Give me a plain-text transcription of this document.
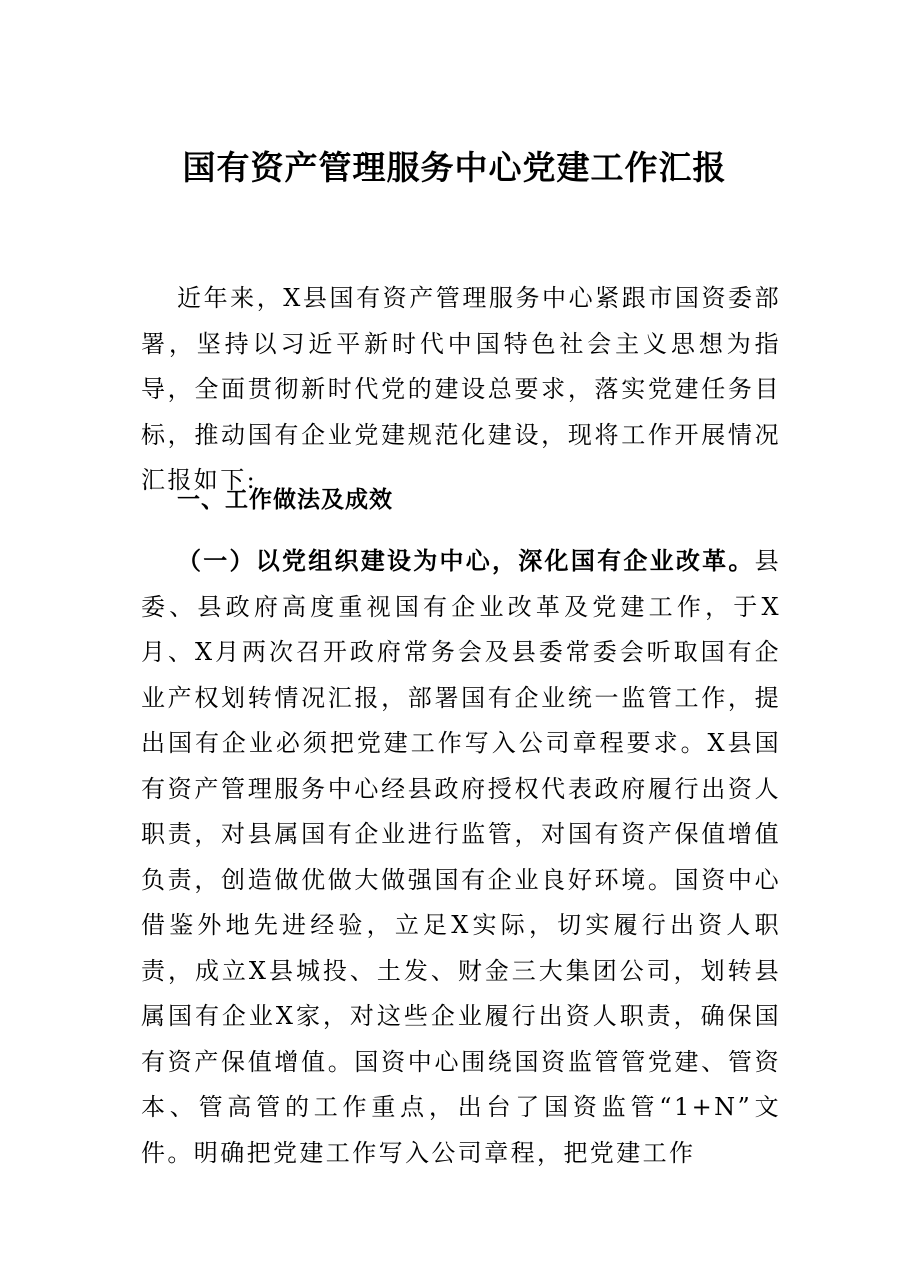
国有资产管理服务中心党建工作汇报

近年来，X县国有资产管理服务中心紧跟市国资委部署，坚持以习近平新时代中国特色社会主义思想为指导，全面贯彻新时代党的建设总要求，落实党建任务目标，推动国有企业党建规范化建设，现将工作开展情况汇报如下:

一、工作做法及成效

（一）以党组织建设为中心，深化国有企业改革。县委、县政府高度重视国有企业改革及党建工作，于X月、X月两次召开政府常务会及县委常委会听取国有企业产权划转情况汇报，部署国有企业统一监管工作，提出国有企业必须把党建工作写入公司章程要求。X县国有资产管理服务中心经县政府授权代表政府履行出资人职责，对县属国有企业进行监管，对国有资产保值增值负责，创造做优做大做强国有企业良好环境。国资中心借鉴外地先进经验，立足X实际，切实履行出资人职责，成立X县城投、土发、财金三大集团公司，划转县属国有企业X家，对这些企业履行出资人职责，确保国有资产保值增值。国资中心围绕国资监管管党建、管资本、管高管的工作重点，出台了国资监管“1+N”文件。明确把党建工作写入公司章程，把党建工作
